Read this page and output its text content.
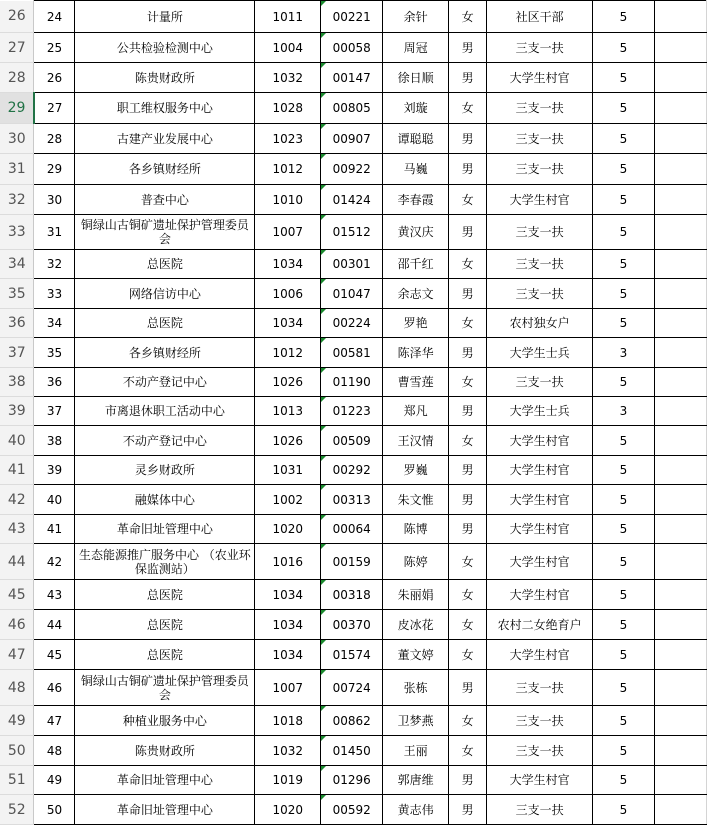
26	24	计量所	1011	00221	余针	女	社区干部	5	

27	25	公共检验检测中心	1004	00058	周冠	男	三支一扶	5	

28	26	陈贵财政所	1032	00147	徐日顺	男	大学生村官	5	

29	27	职工维权服务中心	1028	00805	刘璇	女	三支一扶	5	

30	28	古建产业发展中心	1023	00907	谭聪聪	男	三支一扶	5	

31	29	各乡镇财经所	1012	00922	马巍	男	三支一扶	5	

32	30	普查中心	1010	01424	李春霞	女	大学生村官	5	

33	31	铜绿山古铜矿遗址保护管理委员会	1007	01512	黄汉庆	男	三支一扶	5	

34	32	总医院	1034	00301	邵千红	女	三支一扶	5	

35	33	网络信访中心	1006	01047	余志文	男	三支一扶	5	

36	34	总医院	1034	00224	罗艳	女	农村独女户	5	

37	35	各乡镇财经所	1012	00581	陈泽华	男	大学生士兵	3	

38	36	不动产登记中心	1026	01190	曹雪莲	女	三支一扶	5	

39	37	市离退休职工活动中心	1013	01223	郑凡	男	大学生士兵	3	

40	38	不动产登记中心	1026	00509	王汉情	女	大学生村官	5	

41	39	灵乡财政所	1031	00292	罗巍	男	大学生村官	5	

42	40	融媒体中心	1002	00313	朱文惟	男	大学生村官	5	

43	41	革命旧址管理中心	1020	00064	陈博	男	大学生村官	5	

44	42	生态能源推广服务中心 （农业环保监测站）	1016	00159	陈婷	女	大学生村官	5	

45	43	总医院	1034	00318	朱丽娟	女	大学生村官	5	

46	44	总医院	1034	00370	皮冰花	女	农村二女绝育户	5	

47	45	总医院	1034	01574	董文婷	女	大学生村官	5	

48	46	铜绿山古铜矿遗址保护管理委员会	1007	00724	张栋	男	三支一扶	5	

49	47	种植业服务中心	1018	00862	卫梦燕	女	三支一扶	5	

50	48	陈贵财政所	1032	01450	王丽	女	三支一扶	5	

51	49	革命旧址管理中心	1019	01296	郭唐维	男	大学生村官	5	

52	50	革命旧址管理中心	1020	00592	黄志伟	男	三支一扶	5	
